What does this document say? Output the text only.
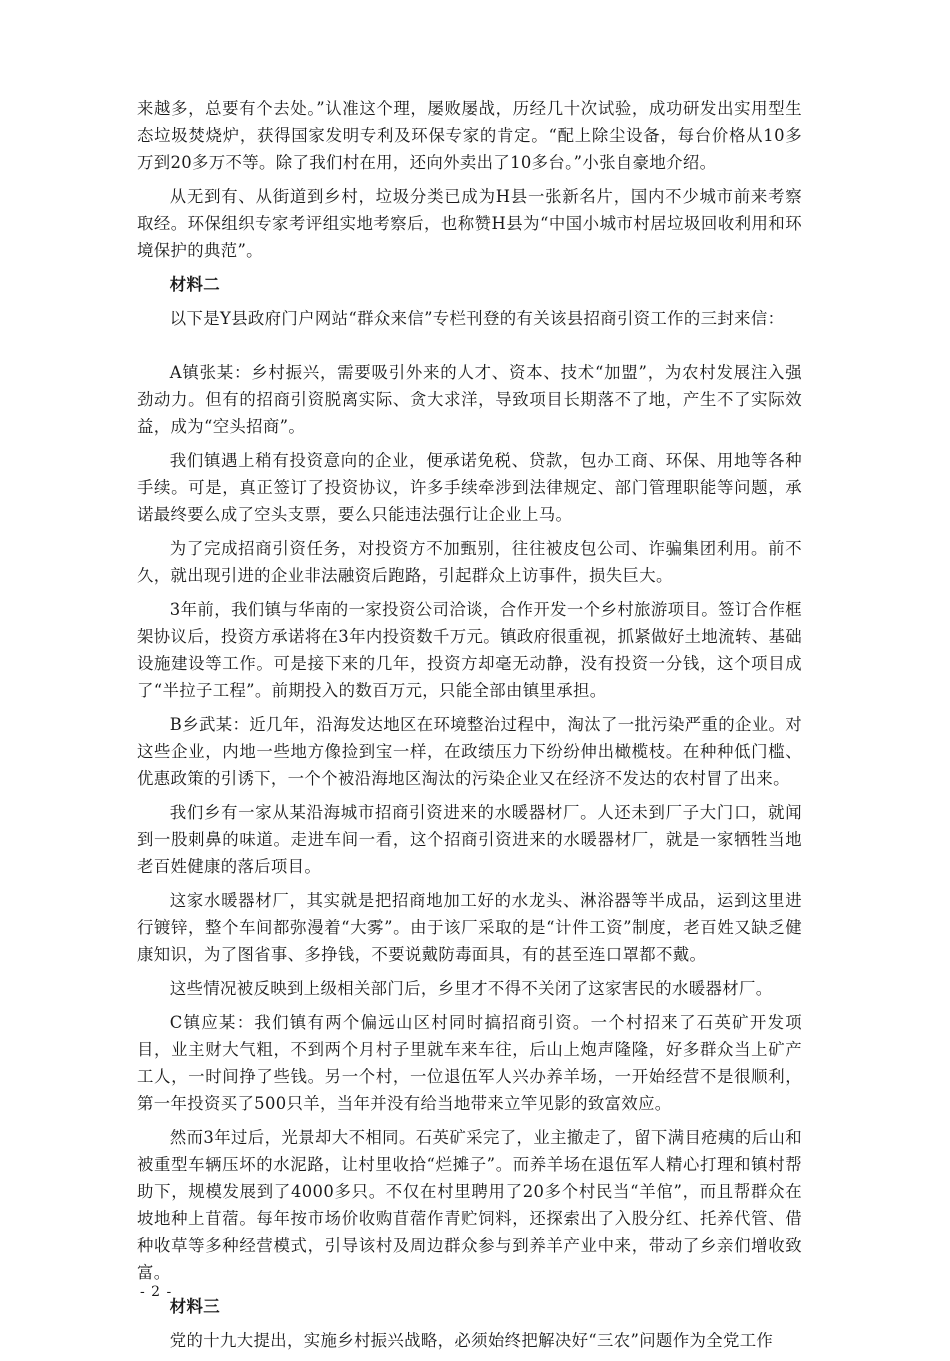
来越多，总要有个去处。”认准这个理，屡败屡战，历经几十次试验，成功研发出实用型生态垃圾焚烧炉，获得国家发明专利及环保专家的肯定。“配上除尘设备，每台价格从10多万到20多万不等。除了我们村在用，还向外卖出了10多台。”小张自豪地介绍。

从无到有、从街道到乡村，垃圾分类已成为H县一张新名片，国内不少城市前来考察取经。环保组织专家考评组实地考察后，也称赞H县为“中国小城市村居垃圾回收利用和环境保护的典范”。

材料二

以下是Y县政府门户网站“群众来信”专栏刊登的有关该县招商引资工作的三封来信：

A镇张某：乡村振兴，需要吸引外来的人才、资本、技术“加盟”，为农村发展注入强劲动力。但有的招商引资脱离实际、贪大求洋，导致项目长期落不了地，产生不了实际效益，成为“空头招商”。

我们镇遇上稍有投资意向的企业，便承诺免税、贷款，包办工商、环保、用地等各种手续。可是，真正签订了投资协议，许多手续牵涉到法律规定、部门管理职能等问题，承诺最终要么成了空头支票，要么只能违法强行让企业上马。

为了完成招商引资任务，对投资方不加甄别，往往被皮包公司、诈骗集团利用。前不久，就出现引进的企业非法融资后跑路，引起群众上访事件，损失巨大。

3年前，我们镇与华南的一家投资公司洽谈，合作开发一个乡村旅游项目。签订合作框架协议后，投资方承诺将在3年内投资数千万元。镇政府很重视，抓紧做好土地流转、基础设施建设等工作。可是接下来的几年，投资方却毫无动静，没有投资一分钱，这个项目成了“半拉子工程”。前期投入的数百万元，只能全部由镇里承担。

B乡武某：近几年，沿海发达地区在环境整治过程中，淘汰了一批污染严重的企业。对这些企业，内地一些地方像捡到宝一样，在政绩压力下纷纷伸出橄榄枝。在种种低门槛、优惠政策的引诱下，一个个被沿海地区淘汰的污染企业又在经济不发达的农村冒了出来。

我们乡有一家从某沿海城市招商引资进来的水暖器材厂。人还未到厂子大门口，就闻到一股刺鼻的味道。走进车间一看，这个招商引资进来的水暖器材厂，就是一家牺牲当地老百姓健康的落后项目。

这家水暖器材厂，其实就是把招商地加工好的水龙头、淋浴器等半成品，运到这里进行镀锌，整个车间都弥漫着“大雾”。由于该厂采取的是“计件工资”制度，老百姓又缺乏健康知识，为了图省事、多挣钱，不要说戴防毒面具，有的甚至连口罩都不戴。

这些情况被反映到上级相关部门后，乡里才不得不关闭了这家害民的水暖器材厂。

C镇应某：我们镇有两个偏远山区村同时搞招商引资。一个村招来了石英矿开发项目，业主财大气粗，不到两个月村子里就车来车往，后山上炮声隆隆，好多群众当上矿产工人，一时间挣了些钱。另一个村，一位退伍军人兴办养羊场，一开始经营不是很顺利，第一年投资买了500只羊，当年并没有给当地带来立竿见影的致富效应。

然而3年过后，光景却大不相同。石英矿采完了，业主撤走了，留下满目疮痍的后山和被重型车辆压坏的水泥路，让村里收拾“烂摊子”。而养羊场在退伍军人精心打理和镇村帮助下，规模发展到了4000多只。不仅在村里聘用了20多个村民当“羊倌”，而且帮群众在坡地种上苜蓿。每年按市场价收购苜蓿作青贮饲料，还探索出了入股分红、托养代管、借种收草等多种经营模式，引导该村及周边群众参与到养羊产业中来，带动了乡亲们增收致富。

材料三

党的十九大提出，实施乡村振兴战略，必须始终把解决好“三农”问题作为全党工作

- 2 -
